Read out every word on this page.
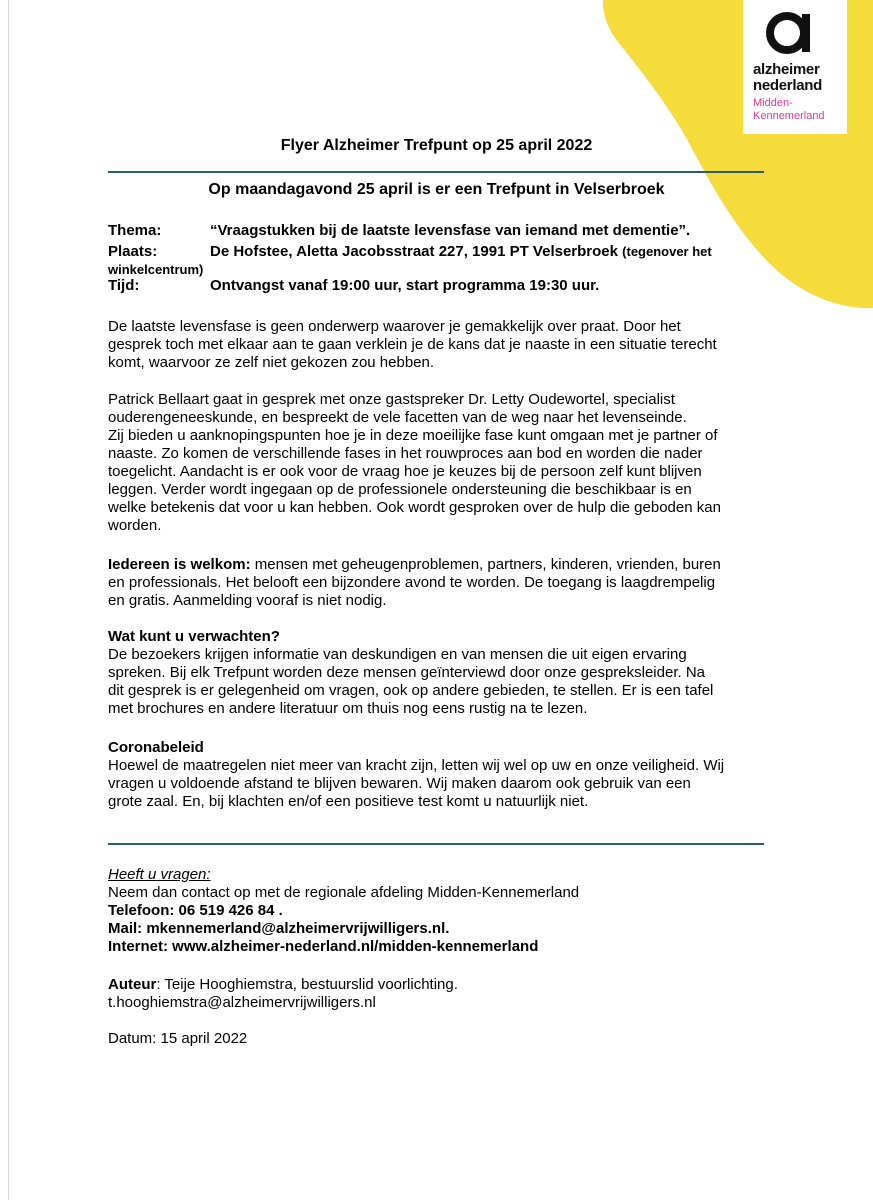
alzheimer
nederland
Midden-
Kennemerland
Flyer Alzheimer Trefpunt op 25 april 2022
Op maandagavond 25 april is er een Trefpunt in Velserbroek
Thema:	“Vraagstukken bij de laatste levensfase van iemand met dementie”.
Plaats:	De Hofstee, Aletta Jacobsstraat 227, 1991 PT Velserbroek (tegenover het
winkelcentrum)
Tijd:	Ontvangst vanaf 19:00 uur, start programma 19:30 uur.
De laatste levensfase is geen onderwerp waarover je gemakkelijk over praat. Door het
gesprek toch met elkaar aan te gaan verklein je de kans dat je naaste in een situatie terecht
komt, waarvoor ze zelf niet gekozen zou hebben.
Patrick Bellaart gaat in gesprek met onze gastspreker Dr. Letty Oudewortel, specialist
ouderengeneeskunde, en bespreekt de vele facetten van de weg naar het levenseinde.
Zij bieden u aanknopingspunten hoe je in deze moeilijke fase kunt omgaan met je partner of
naaste. Zo komen de verschillende fases in het rouwproces aan bod en worden die nader
toegelicht. Aandacht is er ook voor de vraag hoe je keuzes bij de persoon zelf kunt blijven
leggen. Verder wordt ingegaan op de professionele ondersteuning die beschikbaar is en
welke betekenis dat voor u kan hebben. Ook wordt gesproken over de hulp die geboden kan
worden.
Iedereen is welkom: mensen met geheugenproblemen, partners, kinderen, vrienden, buren
en professionals. Het belooft een bijzondere avond te worden. De toegang is laagdrempelig
en gratis. Aanmelding vooraf is niet nodig.
Wat kunt u verwachten?
De bezoekers krijgen informatie van deskundigen en van mensen die uit eigen ervaring
spreken. Bij elk Trefpunt worden deze mensen geïnterviewd door onze gespreksleider. Na
dit gesprek is er gelegenheid om vragen, ook op andere gebieden, te stellen. Er is een tafel
met brochures en andere literatuur om thuis nog eens rustig na te lezen.
Coronabeleid
Hoewel de maatregelen niet meer van kracht zijn, letten wij wel op uw en onze veiligheid. Wij
vragen u voldoende afstand te blijven bewaren. Wij maken daarom ook gebruik van een
grote zaal. En, bij klachten en/of een positieve test komt u natuurlijk niet.
Heeft u vragen:
Neem dan contact op met de regionale afdeling Midden-Kennemerland
Telefoon: 06 519 426 84 .
Mail: mkennemerland@alzheimervrijwilligers.nl.
Internet: www.alzheimer-nederland.nl/midden-kennemerland
Auteur: Teije Hooghiemstra, bestuurslid voorlichting.
t.hooghiemstra@alzheimervrijwilligers.nl
Datum: 15 april 2022
